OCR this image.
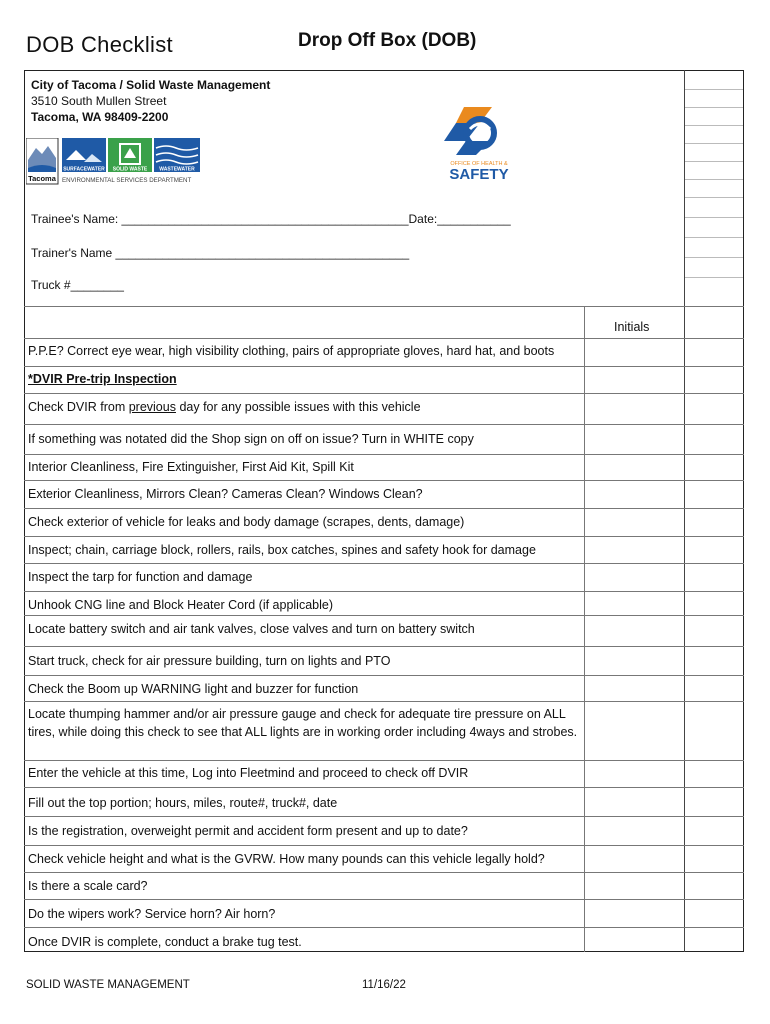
DOB Checklist	Drop Off Box (DOB)
City of Tacoma / Solid Waste Management
3510 South Mullen Street
Tacoma, WA 98409-2200
Tacoma
SURFACEWATER SOLID WASTE WASTEWATER
ENVIRONMENTAL SERVICES DEPARTMENT
OFFICE OF HEALTH &
SAFETY
Trainee's Name: ___________________________________________Date:___________
Trainer's Name ____________________________________________
Truck #________
Initials
P.P.E? Correct eye wear, high visibility clothing, pairs of appropriate gloves, hard hat, and boots
*DVIR Pre-trip Inspection
Check DVIR from previous day for any possible issues with this vehicle
If something was notated did the Shop sign on off on issue? Turn in WHITE copy
Interior Cleanliness, Fire Extinguisher, First Aid Kit, Spill Kit
Exterior Cleanliness, Mirrors Clean? Cameras Clean? Windows Clean?
Check exterior of vehicle for leaks and body damage (scrapes, dents, damage)
Inspect; chain, carriage block, rollers, rails, box catches, spines and safety hook for damage
Inspect the tarp for function and damage
Unhook CNG line and Block Heater Cord (if applicable)
Locate battery switch and air tank valves, close valves and turn on battery switch
Start truck, check for air pressure building, turn on lights and PTO
Check the Boom up WARNING light and buzzer for function
Locate thumping hammer and/or air pressure gauge and check for adequate tire pressure on ALL tires, while doing this check to see that ALL lights are in working order including 4ways and strobes.
Enter the vehicle at this time, Log into Fleetmind and proceed to check off DVIR
Fill out the top portion; hours, miles, route#, truck#, date
Is the registration, overweight permit and accident form present and up to date?
Check vehicle height and what is the GVRW. How many pounds can this vehicle legally hold?
Is there a scale card?
Do the wipers work? Service horn? Air horn?
Once DVIR is complete, conduct a brake tug test.
SOLID WASTE MANAGEMENT	11/16/22
